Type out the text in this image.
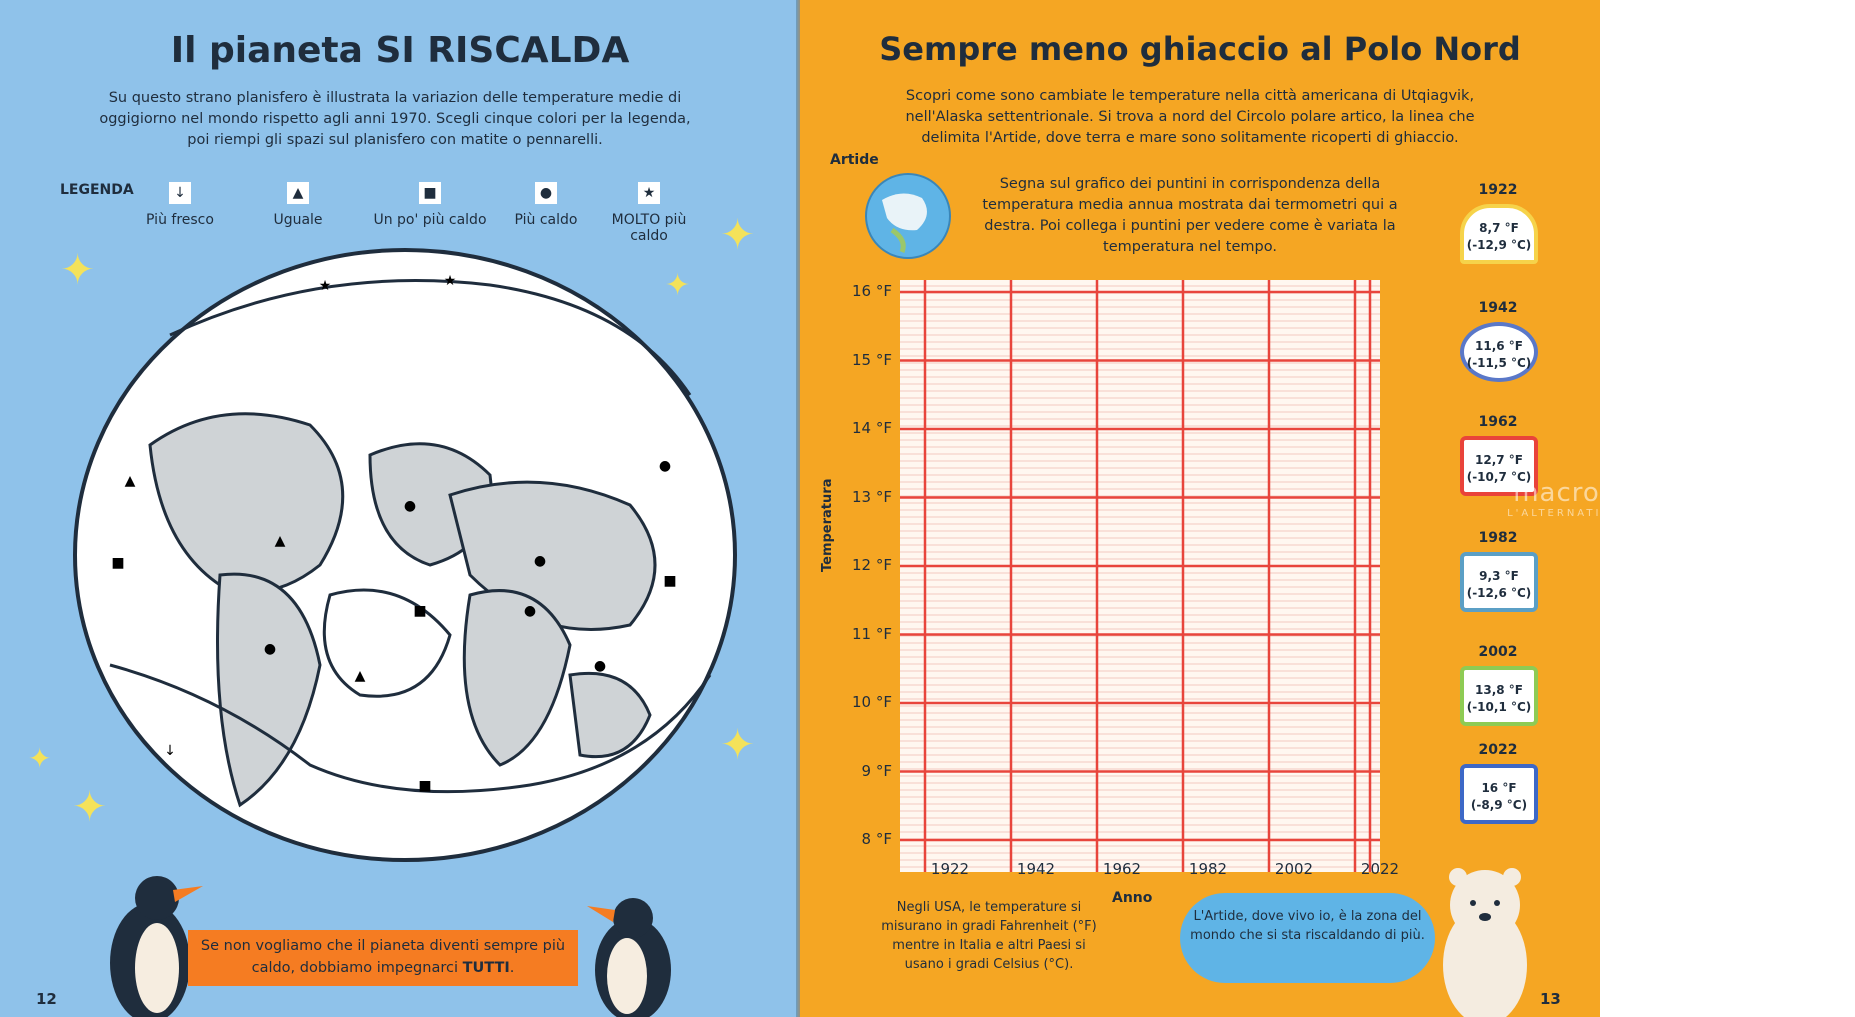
Il pianeta SI RISCALDA
Su questo strano planisfero è illustrata la variazion delle temperature medie di oggigiorno nel mondo rispetto agli anni 1970. Scegli cinque colori per la legenda, poi riempi gli spazi sul planisfero con matite o pennarelli.
LEGENDA	↓
Più fresco
▲
Uguale
■
Un po' più caldo
●
Più caldo
★
MOLTO più caldo
✦
✦
✦
✦
✦
✦
●
▲
●
●
■	●
▲
▲
■
★	★
↓
■
●
■
●
Se non vogliamo che il pianeta diventi sempre più caldo, dobbiamo impegnarci TUTTI.
12
Sempre meno ghiaccio al Polo Nord
Scopri come sono cambiate le temperature nella città americana di Utqiagvik, nell'Alaska settentrionale. Si trova a nord del Circolo polare artico, la linea che delimita l'Artide, dove terra e mare sono solitamente ricoperti di ghiaccio.
Artide
Segna sul grafico dei puntini in corrispondenza della temperatura media annua mostrata dai termometri qui a destra. Poi collega i puntini per vedere come è variata la temperatura nel tempo.
16 °F
15 °F
14 °F
13 °F
12 °F
11 °F
10 °F
9 °F
8 °F
1922	1942	1962	1982	2002	2022
Temperatura
Anno
Negli USA, le temperature si misurano in gradi Fahrenheit (°F) mentre in Italia e altri Paesi si usano i gradi Celsius (°C).
L'Artide, dove vivo io, è la zona del mondo che si sta riscaldando di più.
1922
8,7 °F
(-12,9 °C)
1942
11,6 °F
(-11,5 °C)
1962
12,7 °F
(-10,7 °C)
1982
9,3 °F
(-12,6 °C)
2002
13,8 °F
(-10,1 °C)
2022
16 °F
(-8,9 °C)
macrolibrarsi
L'ALTERNATIVA NATURALE
13
